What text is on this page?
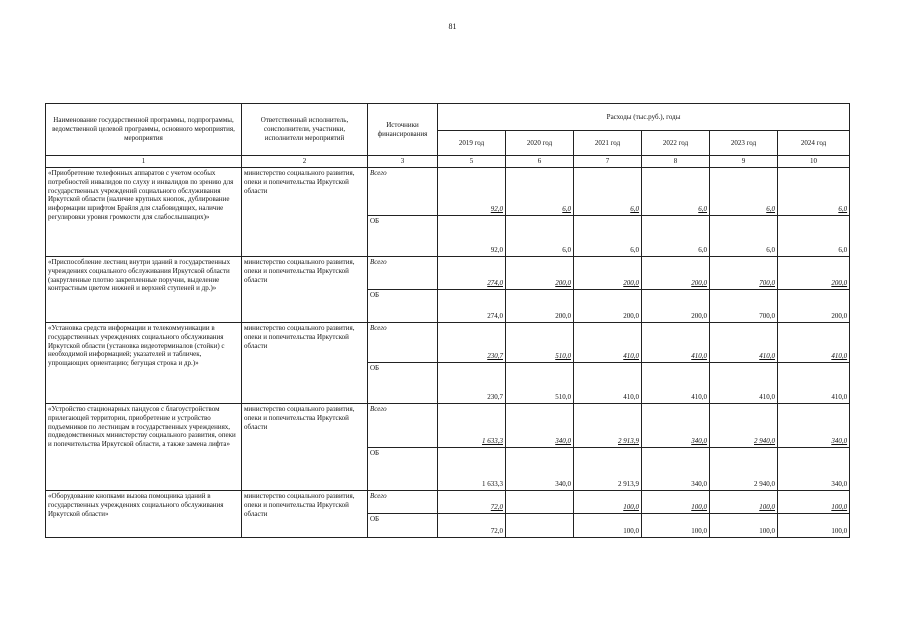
81
Наименование государственной программы, подпрограммы, ведомственной целевой программы, основного мероприятия, мероприятия	Ответственный исполнитель, соисполнители, участники, исполнители мероприятий	Источники финансирования	Расходы (тыс.руб.), годы					
			2019 год	2020 год	2021 год	2022 год	2023 год	2024 год
1	2	3	5	6	7	8	9	10
«Приобретение телефонных аппаратов с учетом особых потребностей инвалидов по слуху и инвалидов по зрению для государственных учреждений социального обслуживания Иркутской области (наличие крупных кнопок, дублирование информации шрифтом Брайля для слабовидящих, наличие регулировки уровня громкости для слабослышащих)»	министерство социального развития, опеки и попечительства Иркутской области	Всего	92,0	6,0	6,0	6,0	6,0	6,0
		ОБ	92,0	6,0	6,0	6,0	6,0	6,0
«Приспособление лестниц внутри зданий в государственных учреждениях социального обслуживания Иркутской области (закругленные плотно закрепленные поручни, выделение контрастным цветом нижней и верхней ступеней и др.)»	министерство социального развития, опеки и попечительства Иркутской области	Всего	274,0	200,0	200,0	200,0	700,0	200,0
		ОБ	274,0	200,0	200,0	200,0	700,0	200,0
«Установка средств информации и телекоммуникации в государственных учреждениях социального обслуживания Иркутской области (установка видеотерминалов (стойки) с необходимой информацией; указателей и табличек, упрощающих ориентацию; бегущая строка и др.)»	министерство социального развития, опеки и попечительства Иркутской области	Всего	230,7	510,0	410,0	410,0	410,0	410,0
		ОБ	230,7	510,0	410,0	410,0	410,0	410,0
«Устройство стационарных пандусов с благоустройством прилегающей территории, приобретение и устройство подъемников по лестницам в государственных учреждениях, подведомственных министерству социального развития, опеки и попечительства Иркутской области, а также замена лифта»	министерство социального развития, опеки и попечительства Иркутской области	Всего	1 633,3	340,0	2 913,9	340,0	2 940,0	340,0
		ОБ	1 633,3	340,0	2 913,9	340,0	2 940,0	340,0
«Оборудование кнопками вызова помощника зданий в государственных учреждениях социального обслуживания Иркутской области»	министерство социального развития, опеки и попечительства Иркутской области	Всего	72,0		100,0	100,0	100,0	100,0
		ОБ	72,0		100,0	100,0	100,0	100,0
